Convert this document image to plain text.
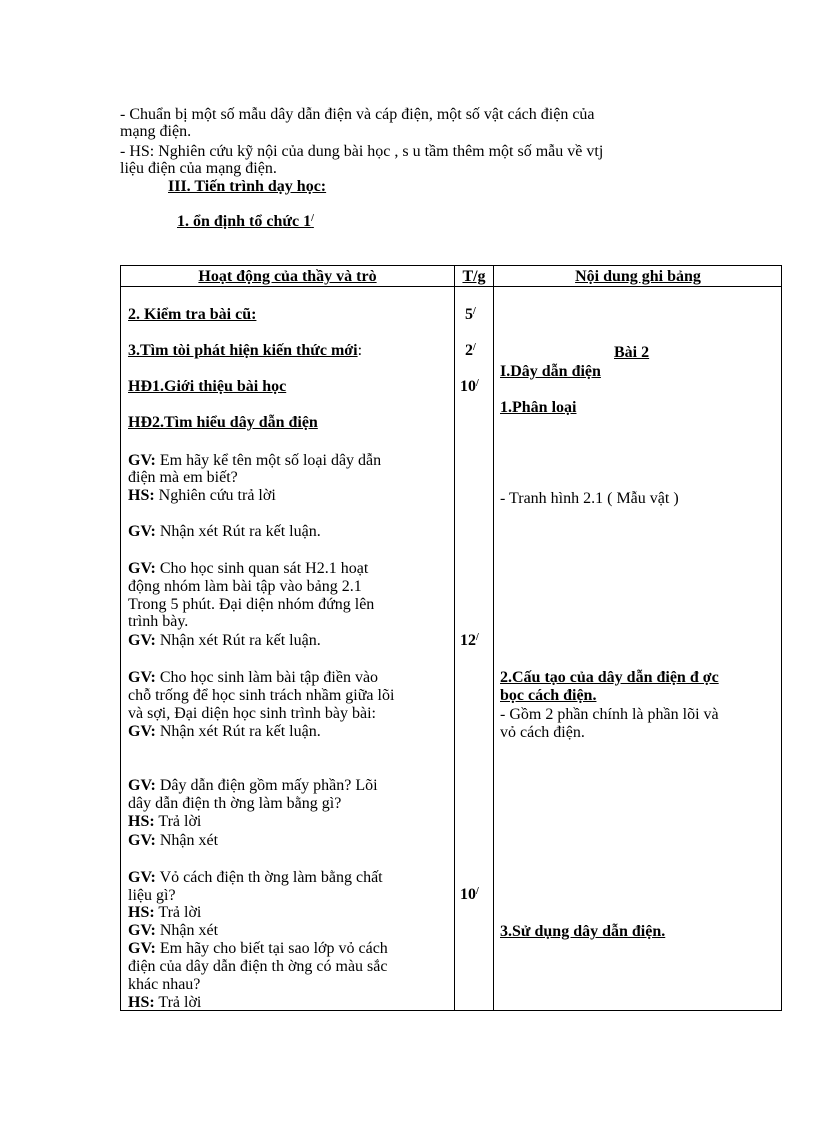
- Chuẩn bị một số mẫu dây dẫn điện và cáp điện, một số vật cách điện của
mạng điện.
- HS: Nghiên cứu kỹ nội của dung bài học , s u tầm thêm một số mẫu về vtj
liệu điện của mạng điện.
III. Tiến trình dạy học:
1. ổn định tổ chức 1/
Hoạt động của thầy và trò	T/g	Nội dung ghi bảng
2. Kiểm tra bài cũ:
3.Tìm tòi phát hiện kiến thức mới:
HĐ1.Giới thiệu bài học
HĐ2.Tìm hiểu dây dẫn điện
GV: Em hãy kể tên một số loại dây dẫn
điện mà em biết?
HS: Nghiên cứu trả lời
GV: Nhận xét Rút ra kết luận.
GV: Cho học sinh quan sát H2.1 hoạt
động nhóm làm bài tập vào bảng 2.1
Trong 5 phút. Đại diện nhóm đứng lên
trình bày.
GV: Nhận xét Rút ra kết luận.
GV: Cho học sinh làm bài tập điền vào
chỗ trống để học sinh trách nhầm giữa lõi
và sợi, Đại diện học sinh trình bày bài:
GV: Nhận xét Rút ra kết luận.
GV: Dây dẫn điện gồm mấy phần? Lõi
dây dẫn điện th ờng làm bằng gì?
HS: Trả lời
GV: Nhận xét
GV: Vỏ cách điện th ờng làm bằng chất
liệu gì?
HS: Trả lời
GV: Nhận xét
GV: Em hãy cho biết tại sao lớp vỏ cách
điện của dây dẫn điện th ờng có màu sắc
khác nhau?
HS: Trả lời
5/
2/
10/
12/
10/
Bài 2
I.Dây dẫn điện
1.Phân loại
- Tranh hình 2.1 ( Mẫu vật )
2.Cấu tạo của dây dẫn điện đ ợc
bọc cách điện.
- Gồm 2 phần chính là phần lõi và
vỏ cách điện.
3.Sử dụng dây dẫn điện.
